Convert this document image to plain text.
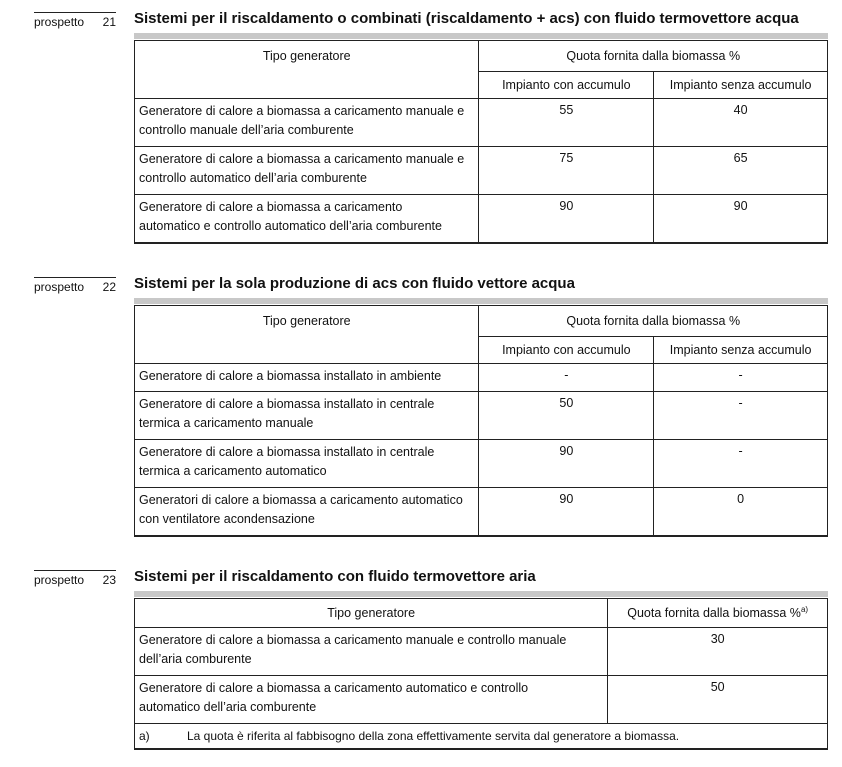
prospetto 21 Sistemi per il riscaldamento o combinati (riscaldamento + acs) con fluido termovettore acqua
Tipo generatore	Quota fornita dalla biomassa %	
	Impianto con accumulo	Impianto senza accumulo
Generatore di calore a biomassa a caricamento manuale e
controllo manuale dell’aria comburente	55	40
Generatore di calore a biomassa a caricamento manuale e
controllo automatico dell’aria comburente	75	65
Generatore di calore a biomassa a caricamento
automatico e controllo automatico dell’aria comburente	90	90
prospetto 22 Sistemi per la sola produzione di acs con fluido vettore acqua
Tipo generatore	Quota fornita dalla biomassa %	
	Impianto con accumulo	Impianto senza accumulo
Generatore di calore a biomassa installato in ambiente	-	-
Generatore di calore a biomassa installato in centrale
termica a caricamento manuale	50	-
Generatore di calore a biomassa installato in centrale
termica a caricamento automatico	90	-
Generatori di calore a biomassa a caricamento automatico
con ventilatore acondensazione	90	0
prospetto 23 Sistemi per il riscaldamento con fluido termovettore aria
Tipo generatore	Quota fornita dalla biomassa %$^{a)}$
Generatore di calore a biomassa a caricamento manuale e controllo manuale
dell’aria comburente	30
Generatore di calore a biomassa a caricamento automatico e controllo
automatico dell’aria comburente	50
a) La quota è riferita al fabbisogno della zona effettivamente servita dal generatore a biomassa.	
